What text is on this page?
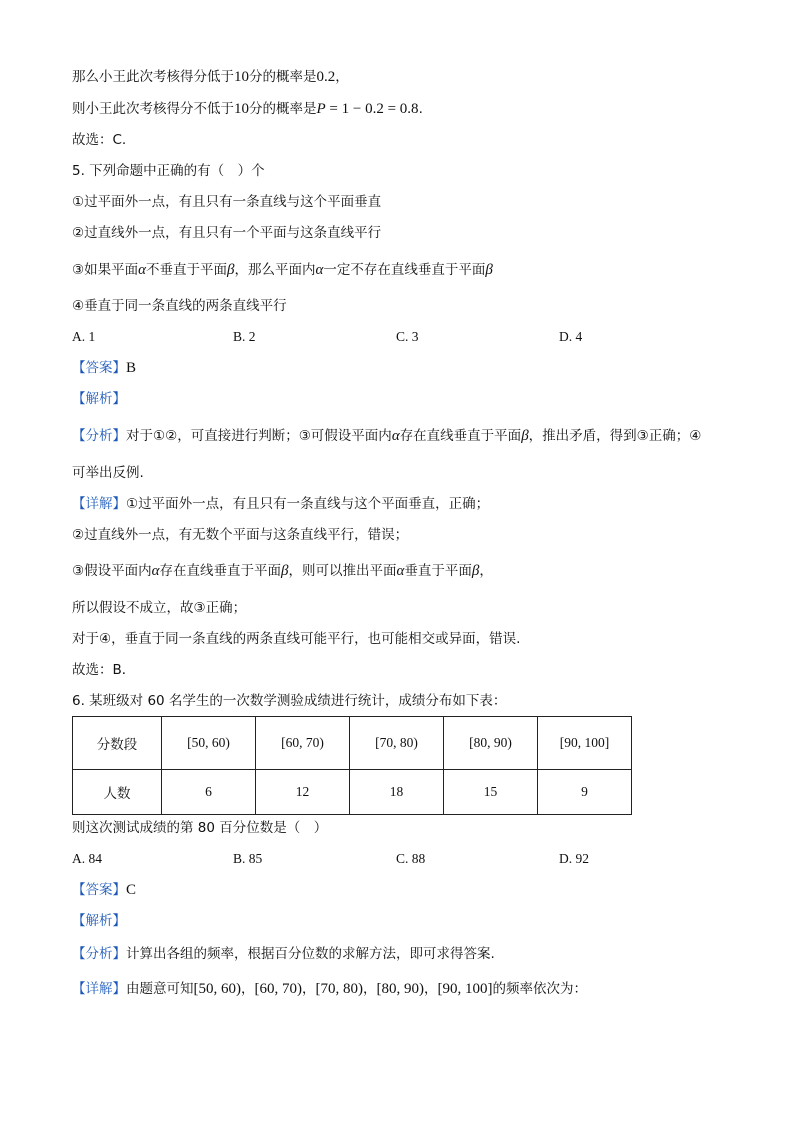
那么小王此次考核得分低于10分的概率是0.2，
则小王此次考核得分不低于10分的概率是P = 1 − 0.2 = 0.8.
故选：C.
5. 下列命题中正确的有（　）个
①过平面外一点，有且只有一条直线与这个平面垂直
②过直线外一点，有且只有一个平面与这条直线平行
③如果平面α不垂直于平面β，那么平面内α一定不存在直线垂直于平面β
④垂直于同一条直线的两条直线平行
A. 1	B. 2	C. 3	D. 4
【答案】B
【解析】
【分析】对于①②，可直接进行判断；③可假设平面内α存在直线垂直于平面β，推出矛盾，得到③正确；④
可举出反例.
【详解】①过平面外一点，有且只有一条直线与这个平面垂直，正确；
②过直线外一点，有无数个平面与这条直线平行，错误；
③假设平面内α存在直线垂直于平面β，则可以推出平面α垂直于平面β，
所以假设不成立，故③正确；
对于④，垂直于同一条直线的两条直线可能平行，也可能相交或异面，错误.
故选：B．
6. 某班级对 60 名学生的一次数学测验成绩进行统计，成绩分布如下表：
分数段	[50, 60)	[60, 70)	[70, 80)	[80, 90)	[90, 100]
人数	6	12	18	15	9
则这次测试成绩的第 80 百分位数是（　）
A. 84	B. 85	C. 88	D. 92
【答案】C
【解析】
【分析】计算出各组的频率，根据百分位数的求解方法，即可求得答案.
【详解】由题意可知[50, 60)，[60, 70)，[70, 80)，[80, 90)，[90, 100]的频率依次为：
